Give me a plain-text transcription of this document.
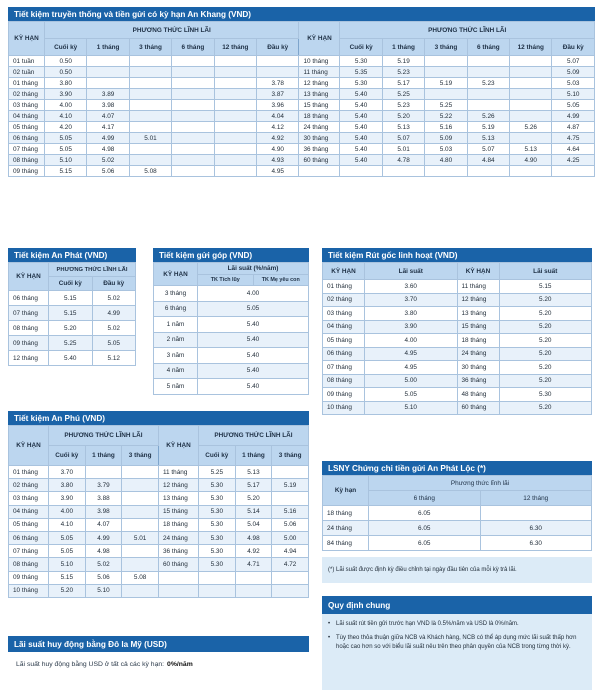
Tiết kiệm truyền thống và tiền gửi có kỳ hạn An Khang (VND)
KỲ HẠN	PHƯƠNG THỨC LĨNH LÃI						KỲ HẠN	PHƯƠNG THỨC LĨNH LÃI					
	Cuối kỳ	1 tháng	3 tháng	6 tháng	12 tháng	Đầu kỳ		Cuối kỳ	1 tháng	3 tháng	6 tháng	12 tháng	Đầu kỳ
01 tuần	0.50						10 tháng	5.30	5.19				5.07
02 tuần	0.50						11 tháng	5.35	5.23				5.09
01 tháng	3.80					3.78	12 tháng	5.30	5.17	5.19	5.23		5.03
02 tháng	3.90	3.89				3.87	13 tháng	5.40	5.25				5.10
03 tháng	4.00	3.98				3.96	15 tháng	5.40	5.23	5.25			5.05
04 tháng	4.10	4.07				4.04	18 tháng	5.40	5.20	5.22	5.26		4.99
05 tháng	4.20	4.17				4.12	24 tháng	5.40	5.13	5.16	5.19	5.26	4.87
06 tháng	5.05	4.99	5.01			4.92	30 tháng	5.40	5.07	5.09	5.13		4.75
07 tháng	5.05	4.98				4.90	36 tháng	5.40	5.01	5.03	5.07	5.13	4.64
08 tháng	5.10	5.02				4.93	60 tháng	5.40	4.78	4.80	4.84	4.90	4.25
09 tháng	5.15	5.06	5.08			4.95							
Tiết kiệm An Phát (VND)
KỲ HẠN	PHƯƠNG THỨC LĨNH LÃI	
	Cuối kỳ	Đầu kỳ
06 tháng	5.15	5.02
07 tháng	5.15	4.99
08 tháng	5.20	5.02
09 tháng	5.25	5.05
12 tháng	5.40	5.12
Tiết kiệm gửi góp (VND)
KỲ HẠN	Lãi suất (%/năm)	
	TK Tích lũy	TK Mẹ yêu con
3 tháng	4.00	
6 tháng	5.05	
1 năm	5.40	
2 năm	5.40	
3 năm	5.40	
4 năm	5.40	
5 năm	5.40	
Tiết kiệm Rút gốc linh hoạt (VND)
KỲ HẠN	Lãi suất	KỲ HẠN	Lãi suất
01 tháng	3.60	11 tháng	5.15
02 tháng	3.70	12 tháng	5.20
03 tháng	3.80	13 tháng	5.20
04 tháng	3.90	15 tháng	5.20
05 tháng	4.00	18 tháng	5.20
06 tháng	4.95	24 tháng	5.20
07 tháng	4.95	30 tháng	5.20
08 tháng	5.00	36 tháng	5.20
09 tháng	5.05	48 tháng	5.30
10 tháng	5.10	60 tháng	5.20
Tiết kiệm An Phú (VND)
KỲ HẠN	PHƯƠNG THỨC LĨNH LÃI			KỲ HẠN	PHƯƠNG THỨC LĨNH LÃI		
	Cuối kỳ	1 tháng	3 tháng		Cuối kỳ	1 tháng	3 tháng
01 tháng	3.70			11 tháng	5.25	5.13	
02 tháng	3.80	3.79		12 tháng	5.30	5.17	5.19
03 tháng	3.90	3.88		13 tháng	5.30	5.20	
04 tháng	4.00	3.98		15 tháng	5.30	5.14	5.16
05 tháng	4.10	4.07		18 tháng	5.30	5.04	5.06
06 tháng	5.05	4.99	5.01	24 tháng	5.30	4.98	5.00
07 tháng	5.05	4.98		36 tháng	5.30	4.92	4.94
08 tháng	5.10	5.02		60 tháng	5.30	4.71	4.72
09 tháng	5.15	5.06	5.08				
10 tháng	5.20	5.10					
LSNY Chứng chỉ tiền gửi An Phát Lộc (*)
Kỳ hạn	Phương thức lĩnh lãi	
	6 tháng	12 tháng
18 tháng	6.05	
24 tháng	6.05	6.30
84 tháng	6.05	6.30
(*) Lãi suất được định kỳ điều chỉnh tại ngày đầu tiên của mỗi kỳ trả lãi.
Lãi suất huy động bằng Đô la Mỹ (USD)
Lãi suất huy động bằng USD ở tất cả các kỳ hạn: 0%/năm
Quy định chung
• Lãi suất rút tiền gửi trước hạn VND là 0.5%/năm và USD là 0%/năm.
• Tùy theo thỏa thuận giữa NCB và Khách hàng, NCB có thể áp dụng mức lãi suất thấp hơn hoặc cao hơn so với biểu lãi suất nêu trên theo phân quyền của NCB trong từng thời kỳ.
